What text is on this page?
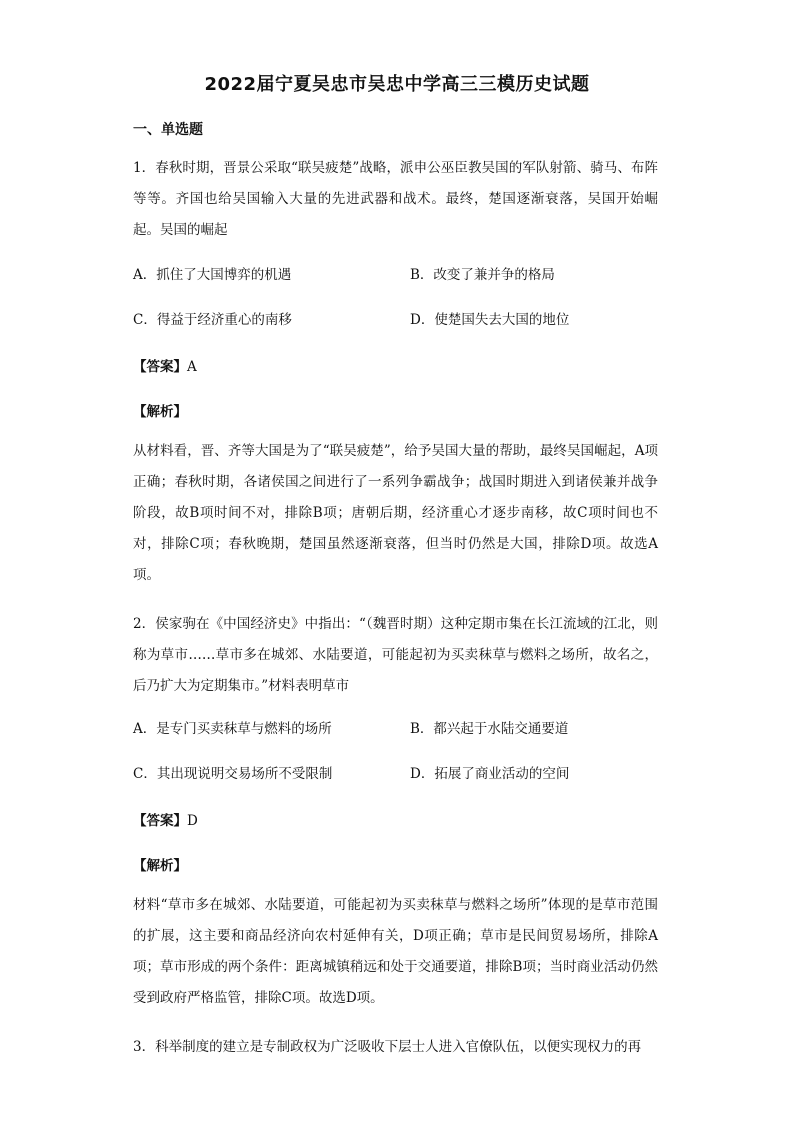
2022届宁夏吴忠市吴忠中学高三三模历史试题
一、单选题
1．春秋时期，晋景公采取“联吴疲楚”战略，派申公巫臣教吴国的军队射箭、骑马、布阵等等。齐国也给吴国输入大量的先进武器和战术。最终，楚国逐渐衰落，吴国开始崛起。吴国的崛起
A．抓住了大国博弈的机遇	B．改变了兼并争的格局
C．得益于经济重心的南移	D．使楚国失去大国的地位
【答案】A
【解析】
从材料看，晋、齐等大国是为了“联吴疲楚”，给予吴国大量的帮助，最终吴国崛起，A项正确；春秋时期，各诸侯国之间进行了一系列争霸战争；战国时期进入到诸侯兼并战争阶段，故B项时间不对，排除B项；唐朝后期，经济重心才逐步南移，故C项时间也不对，排除C项；春秋晚期，楚国虽然逐渐衰落，但当时仍然是大国，排除D项。故选A项。
2．侯家驹在《中国经济史》中指出：“（魏晋时期）这种定期市集在长江流域的江北，则称为草市……草市多在城郊、水陆要道，可能起初为买卖秣草与燃料之场所，故名之，后乃扩大为定期集市。”材料表明草市
A．是专门买卖秣草与燃料的场所	B．都兴起于水陆交通要道
C．其出现说明交易场所不受限制	D．拓展了商业活动的空间
【答案】D
【解析】
材料“草市多在城郊、水陆要道，可能起初为买卖秣草与燃料之场所”体现的是草市范围的扩展，这主要和商品经济向农村延伸有关，D项正确；草市是民间贸易场所，排除A项；草市形成的两个条件：距离城镇稍远和处于交通要道，排除B项；当时商业活动仍然受到政府严格监管，排除C项。故选D项。
3．科举制度的建立是专制政权为广泛吸收下层士人进入官僚队伍，以便实现权力的再
